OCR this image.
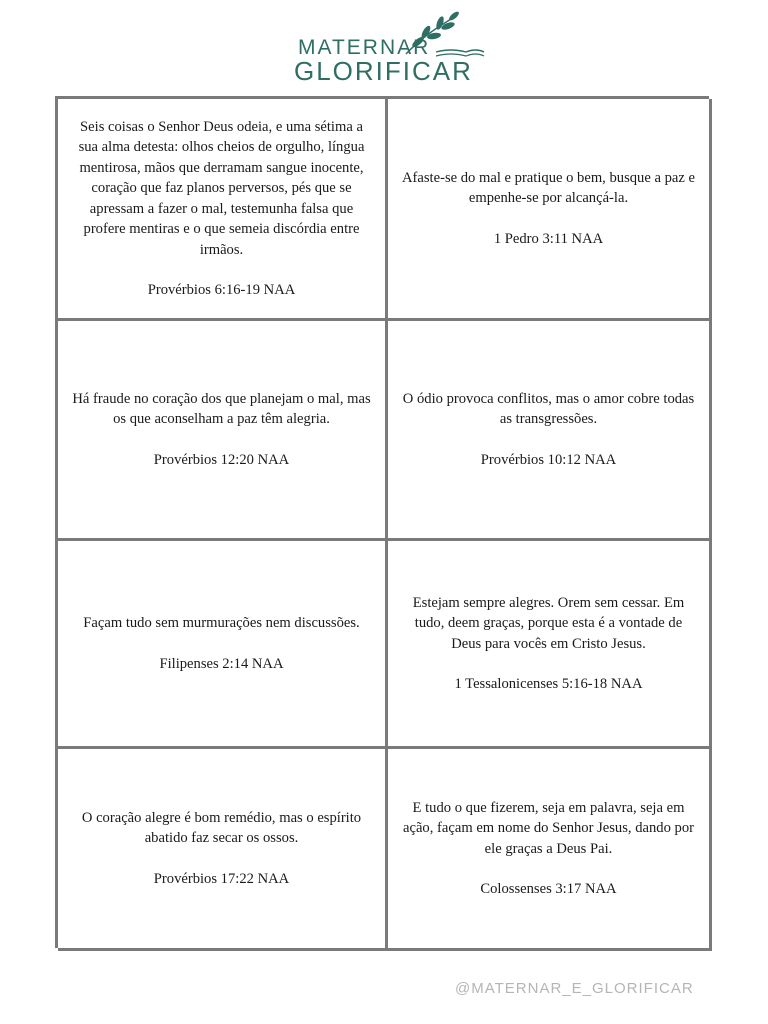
MATERNAR
GLORIFICAR
Seis coisas o Senhor Deus odeia, e uma sétima a sua alma detesta: olhos cheios de orgulho, língua mentirosa, mãos que derramam sangue inocente, coração que faz planos perversos, pés que se apressam a fazer o mal, testemunha falsa que profere mentiras e o que semeia discórdia entre irmãos.
Provérbios 6:16-19 NAA
Afaste-se do mal e pratique o bem, busque a paz e empenhe-se por alcançá-la.
1 Pedro 3:11 NAA
Há fraude no coração dos que planejam o mal, mas os que aconselham a paz têm alegria.
Provérbios 12:20 NAA
O ódio provoca conflitos, mas o amor cobre todas as transgressões.
Provérbios 10:12 NAA
Façam tudo sem murmurações nem discussões.
Filipenses 2:14 NAA
Estejam sempre alegres. Orem sem cessar. Em tudo, deem graças, porque esta é a vontade de Deus para vocês em Cristo Jesus.
1 Tessalonicenses 5:16-18 NAA
O coração alegre é bom remédio, mas o espírito abatido faz secar os ossos.
Provérbios 17:22 NAA
E tudo o que fizerem, seja em palavra, seja em ação, façam em nome do Senhor Jesus, dando por ele graças a Deus Pai.
Colossenses 3:17 NAA
@MATERNAR_E_GLORIFICAR
